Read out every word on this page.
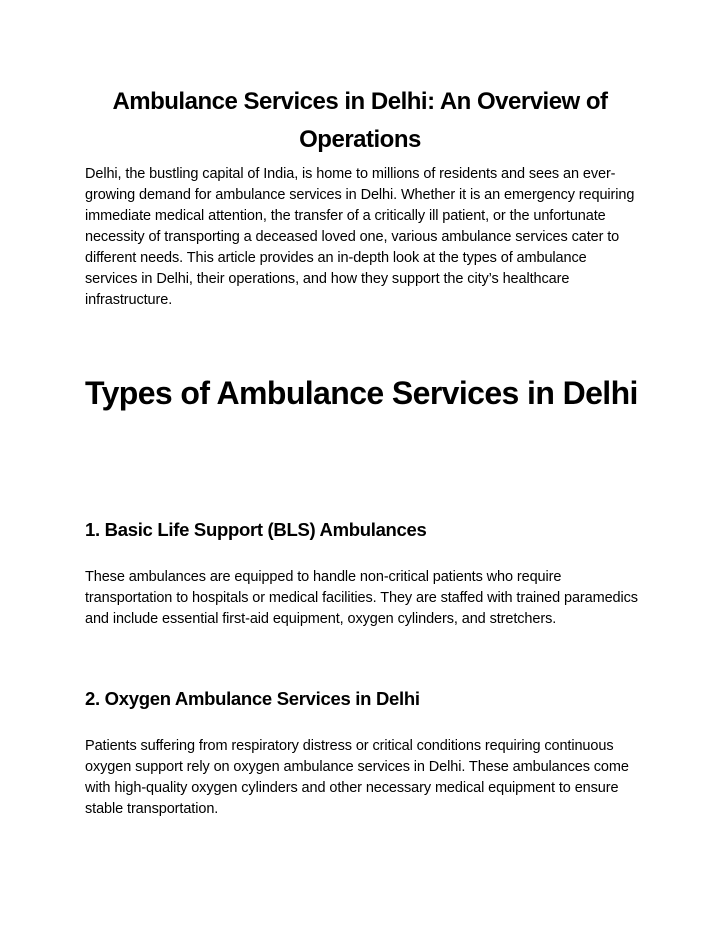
Ambulance Services in Delhi: An Overview of Operations

Delhi, the bustling capital of India, is home to millions of residents and sees an ever-growing demand for ambulance services in Delhi. Whether it is an emergency requiring immediate medical attention, the transfer of a critically ill patient, or the unfortunate necessity of transporting a deceased loved one, various ambulance services cater to different needs. This article provides an in-depth look at the types of ambulance services in Delhi, their operations, and how they support the city’s healthcare infrastructure.

Types of Ambulance Services in Delhi
1. Basic Life Support (BLS) Ambulances

These ambulances are equipped to handle non-critical patients who require transportation to hospitals or medical facilities. They are staffed with trained paramedics and include essential first-aid equipment, oxygen cylinders, and stretchers.

2. Oxygen Ambulance Services in Delhi

Patients suffering from respiratory distress or critical conditions requiring continuous oxygen support rely on oxygen ambulance services in Delhi. These ambulances come with high-quality oxygen cylinders and other necessary medical equipment to ensure stable transportation.
